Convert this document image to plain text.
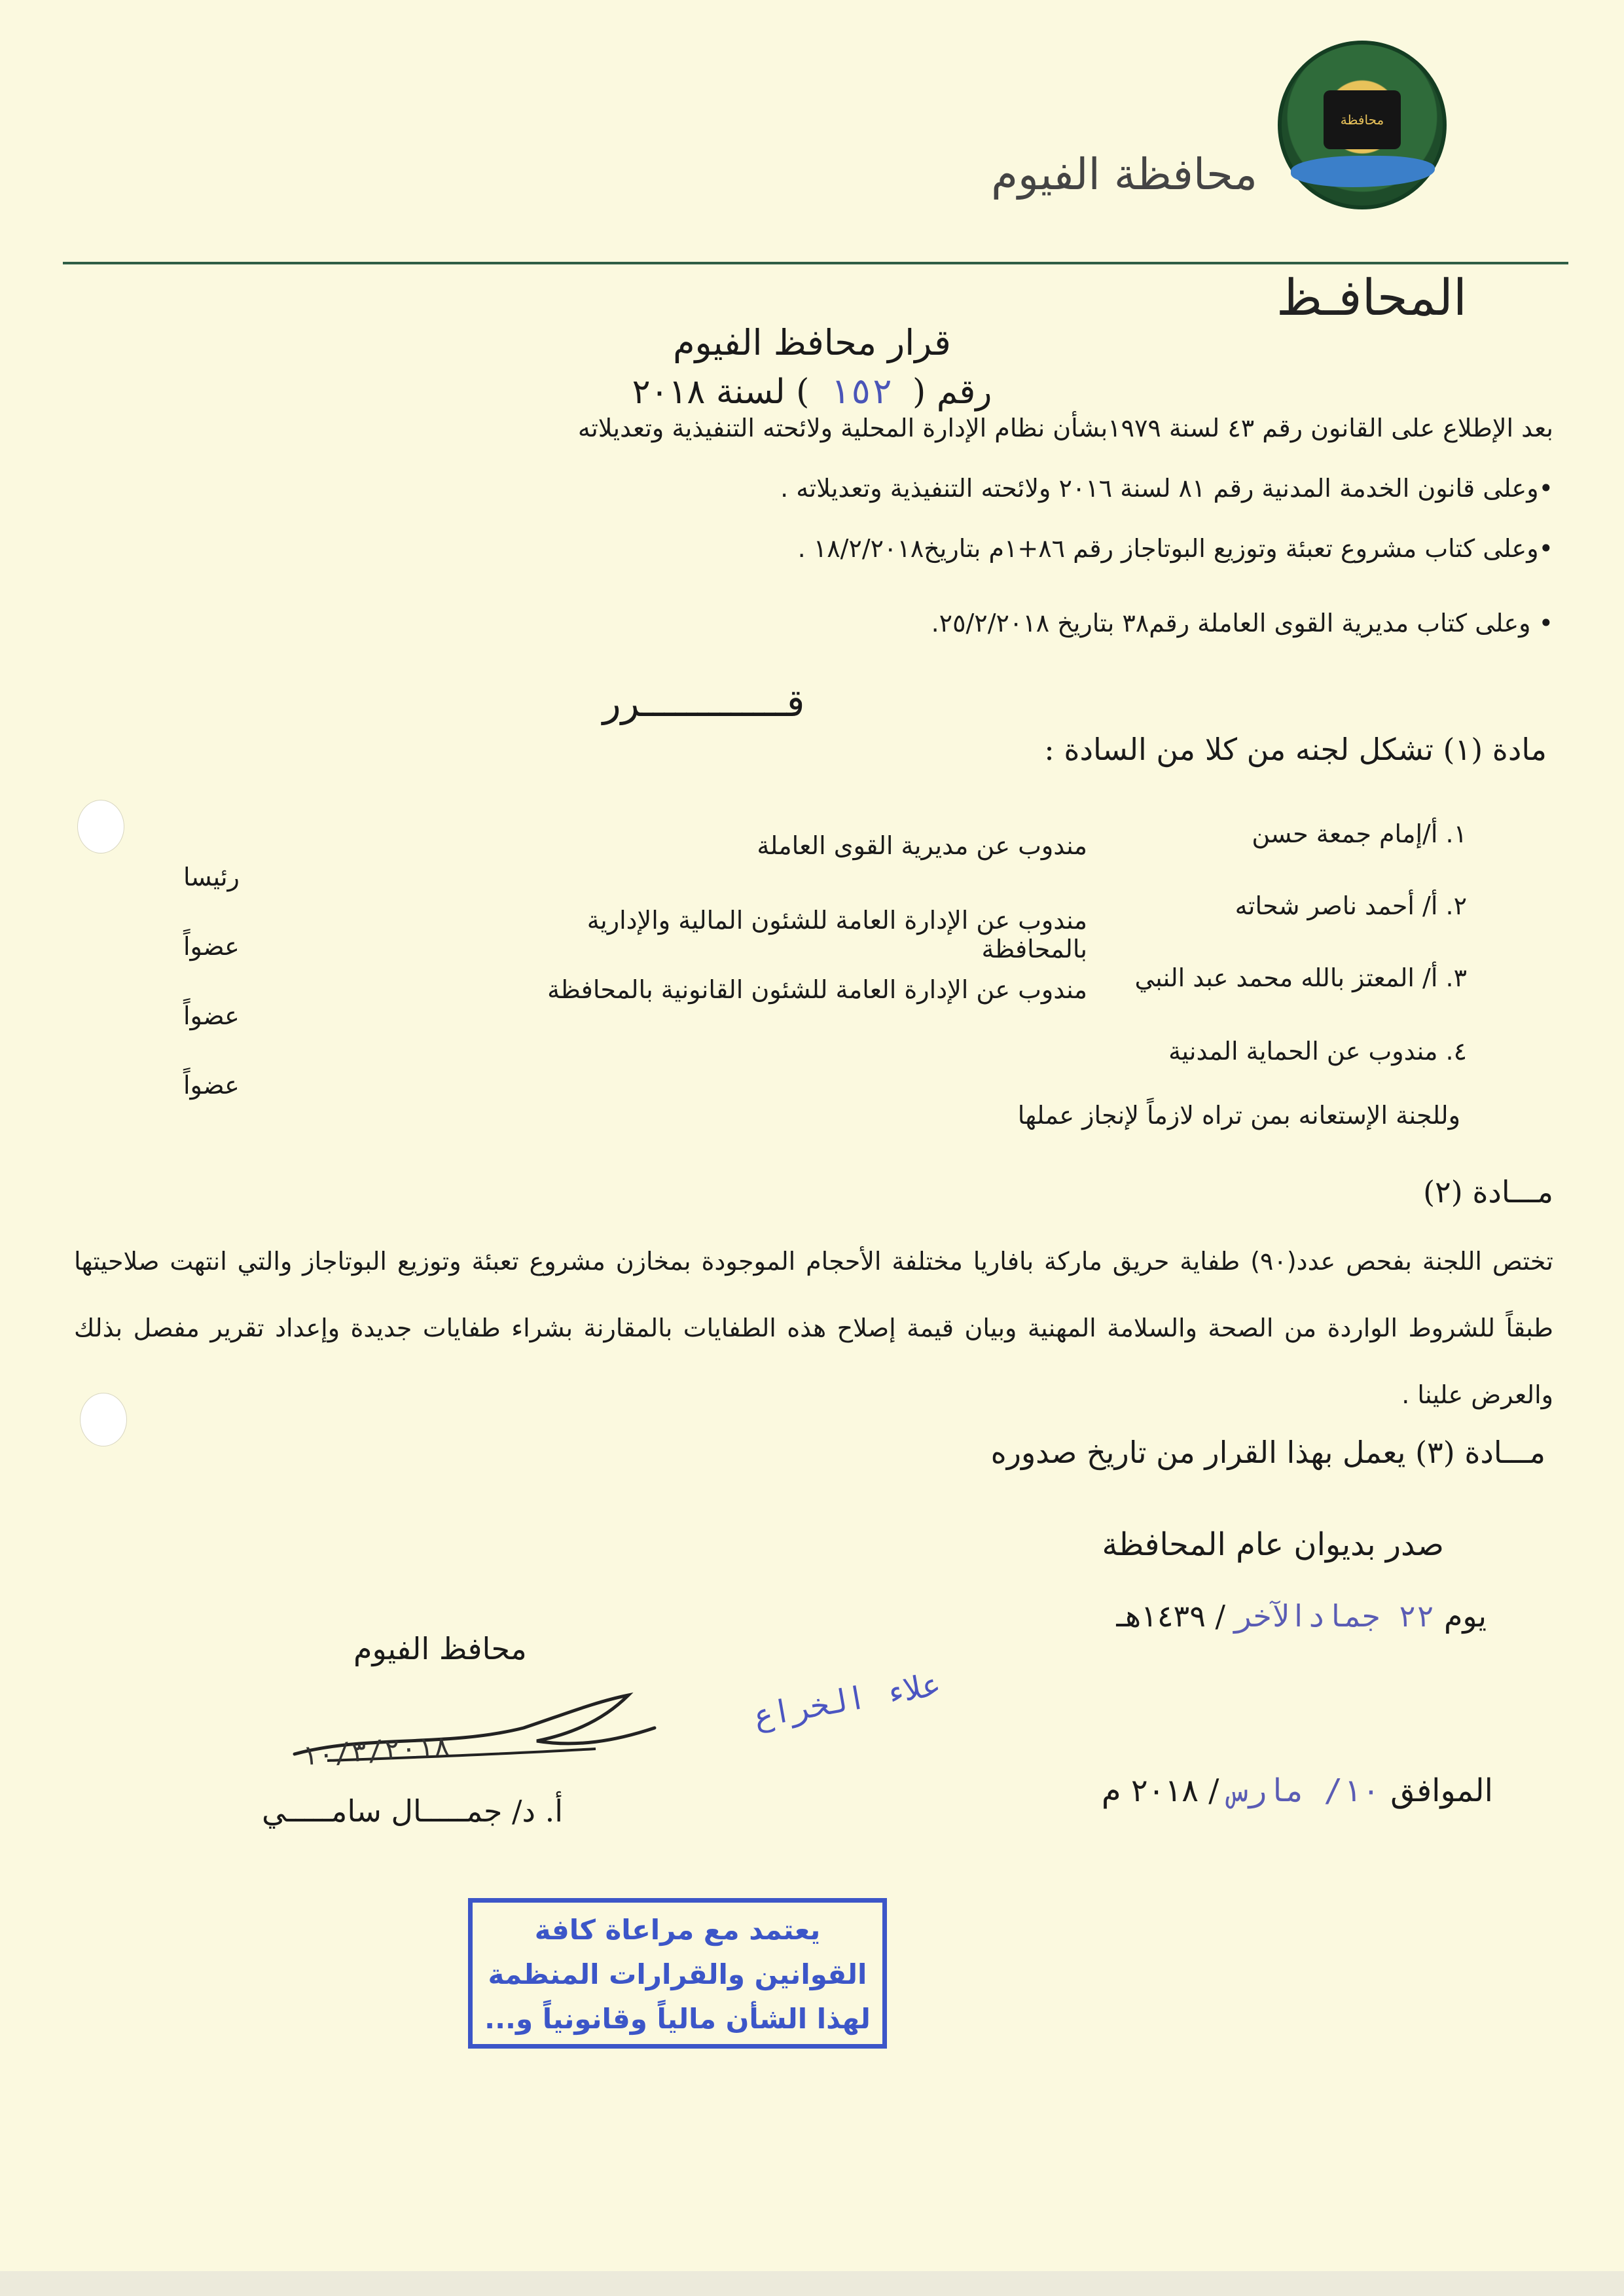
محافظة
محافظة الفيوم
المحافـظ
قرار محافظ الفيوم
رقم (١٥٢) لسنة ٢٠١٨
بعد الإطلاع على القانون رقم ٤٣ لسنة ١٩٧٩بشأن نظام الإدارة المحلية ولائحته التنفيذية وتعديلاته
•وعلى قانون الخدمة المدنية رقم ٨١ لسنة ٢٠١٦ ولائحته التنفيذية وتعديلاته .
•وعلى كتاب مشروع تعبئة وتوزيع البوتاجاز رقم ٨٦+١م بتاريخ١٨/٢/٢٠١٨ .
• وعلى كتاب مديرية القوى العاملة رقم٣٨ بتاريخ ٢٥/٢/٢٠١٨.
قـــــــــــــرر
مادة (١) تشكل لجنه من كلا من السادة :
١. أ/إمام جمعة حسن
مندوب عن مديرية القوى العاملة
رئيسا
٢. أ/ أحمد ناصر شحاته
مندوب عن الإدارة العامة للشئون المالية والإدارية بالمحافظة
عضواً
٣. أ/ المعتز بالله محمد عبد النبي
مندوب عن الإدارة العامة للشئون القانونية بالمحافظة
عضواً
٤. مندوب عن الحماية المدنية
عضواً
وللجنة الإستعانه بمن تراه لازماً لإنجاز عملها
مـــادة (٢)
تختص اللجنة بفحص عدد(٩٠) طفاية حريق ماركة بافاريا مختلفة الأحجام الموجودة بمخازن مشروع تعبئة وتوزيع البوتاجاز والتي انتهت صلاحيتها طبقاً للشروط الواردة من الصحة والسلامة المهنية وبيان قيمة إصلاح هذه الطفايات بالمقارنة بشراء طفايات جديدة وإعداد تقرير مفصل بذلك والعرض علينا .
مـــادة (٣) يعمل بهذا القرار من تاريخ صدوره
صدر بديوان عام المحافظة
يوم ٢٢ جمادالآخر / ١٤٣٩هـ
الموافق ١٠/ مارس / ٢٠١٨ م
محافظ الفيوم
١٠/٣/٢٠١٨
أ. د/ جمـــــال سامـــــي
علاء الخراع
يعتمد مع مراعاة كافة
القوانين والقرارات المنظمة
لهذا الشأن مالياً وقانونياً و...
